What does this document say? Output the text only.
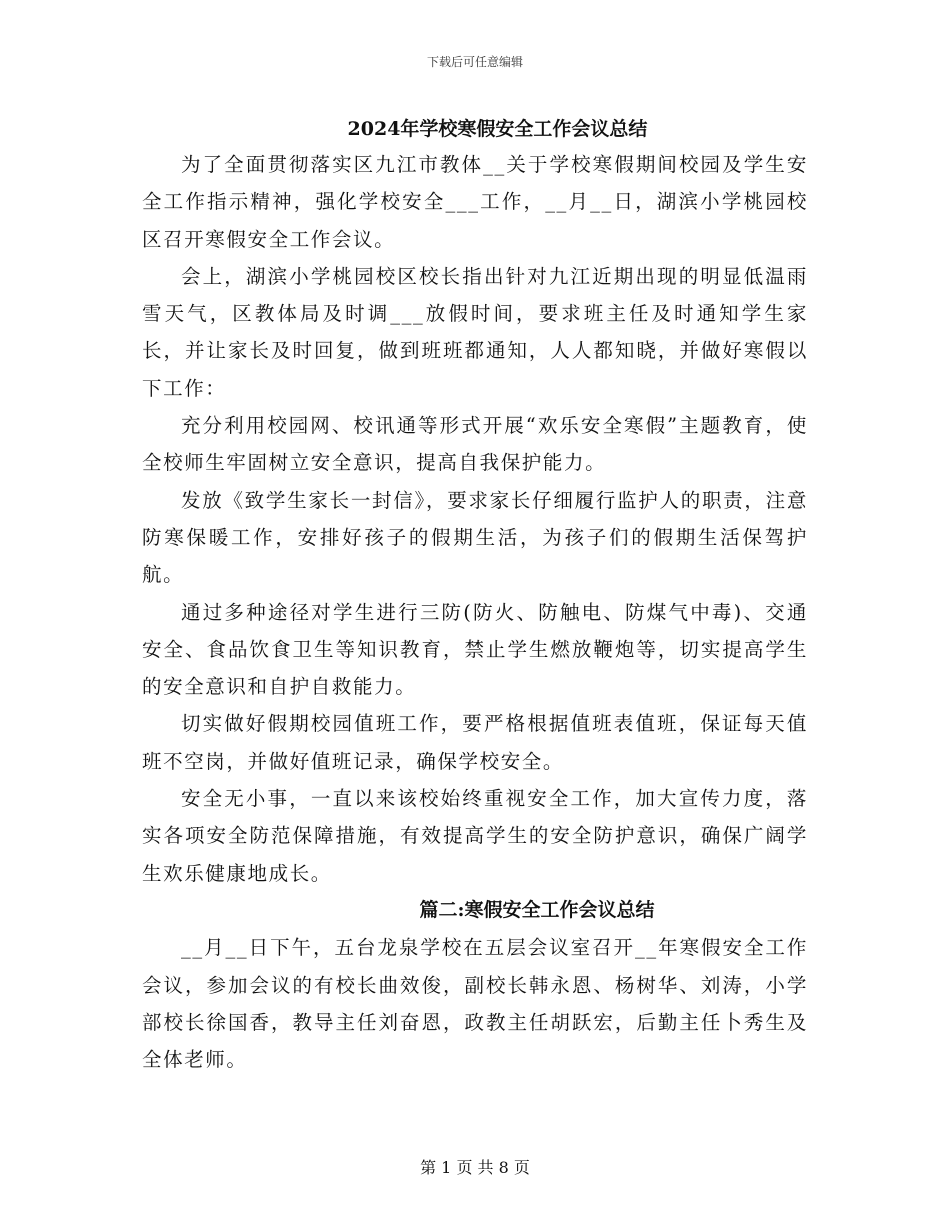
下载后可任意编辑
2024年学校寒假安全工作会议总结

为了全面贯彻落实区九江市教体__关于学校寒假期间校园及学生安全工作指示精神，强化学校安全___工作，__月__日，湖滨小学桃园校区召开寒假安全工作会议。

会上，湖滨小学桃园校区校长指出针对九江近期出现的明显低温雨雪天气，区教体局及时调___放假时间，要求班主任及时通知学生家长，并让家长及时回复，做到班班都通知，人人都知晓，并做好寒假以下工作：

充分利用校园网、校讯通等形式开展“欢乐安全寒假”主题教育，使全校师生牢固树立安全意识，提高自我保护能力。

发放《致学生家长一封信》，要求家长仔细履行监护人的职责，注意防寒保暖工作，安排好孩子的假期生活，为孩子们的假期生活保驾护航。

通过多种途径对学生进行三防(防火、防触电、防煤气中毒)、交通安全、食品饮食卫生等知识教育，禁止学生燃放鞭炮等，切实提高学生的安全意识和自护自救能力。

切实做好假期校园值班工作，要严格根据值班表值班，保证每天值班不空岗，并做好值班记录，确保学校安全。

安全无小事，一直以来该校始终重视安全工作，加大宣传力度，落实各项安全防范保障措施，有效提高学生的安全防护意识，确保广阔学生欢乐健康地成长。

篇二:寒假安全工作会议总结

__月__日下午，五台龙泉学校在五层会议室召开__年寒假安全工作会议，参加会议的有校长曲效俊，副校长韩永恩、杨树华、刘涛，小学部校长徐国香，教导主任刘奋恩，政教主任胡跃宏，后勤主任卜秀生及全体老师。

第 1 页 共 8 页
